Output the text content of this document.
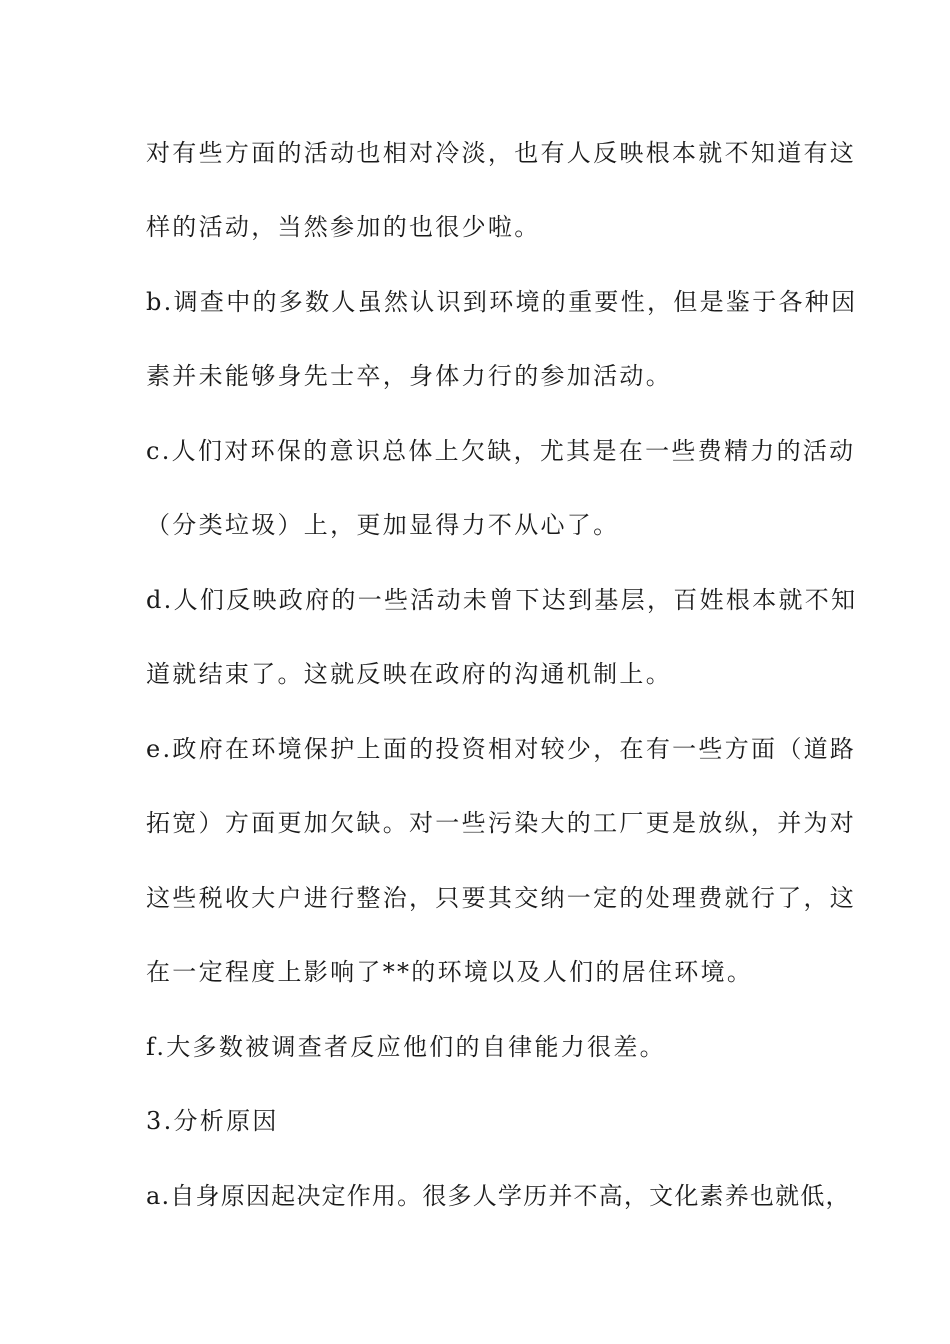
对有些方面的活动也相对冷淡，也有人反映根本就不知道有这
样的活动，当然参加的也很少啦。
b.调查中的多数人虽然认识到环境的重要性，但是鉴于各种因
素并未能够身先士卒，身体力行的参加活动。
c.人们对环保的意识总体上欠缺，尤其是在一些费精力的活动
（分类垃圾）上，更加显得力不从心了。
d.人们反映政府的一些活动未曾下达到基层，百姓根本就不知
道就结束了。这就反映在政府的沟通机制上。
e.政府在环境保护上面的投资相对较少，在有一些方面（道路
拓宽）方面更加欠缺。对一些污染大的工厂更是放纵，并为对
这些税收大户进行整治，只要其交纳一定的处理费就行了，这
在一定程度上影响了**的环境以及人们的居住环境。
f.大多数被调查者反应他们的自律能力很差。
3.分析原因
a.自身原因起决定作用。很多人学历并不高，文化素养也就低，
